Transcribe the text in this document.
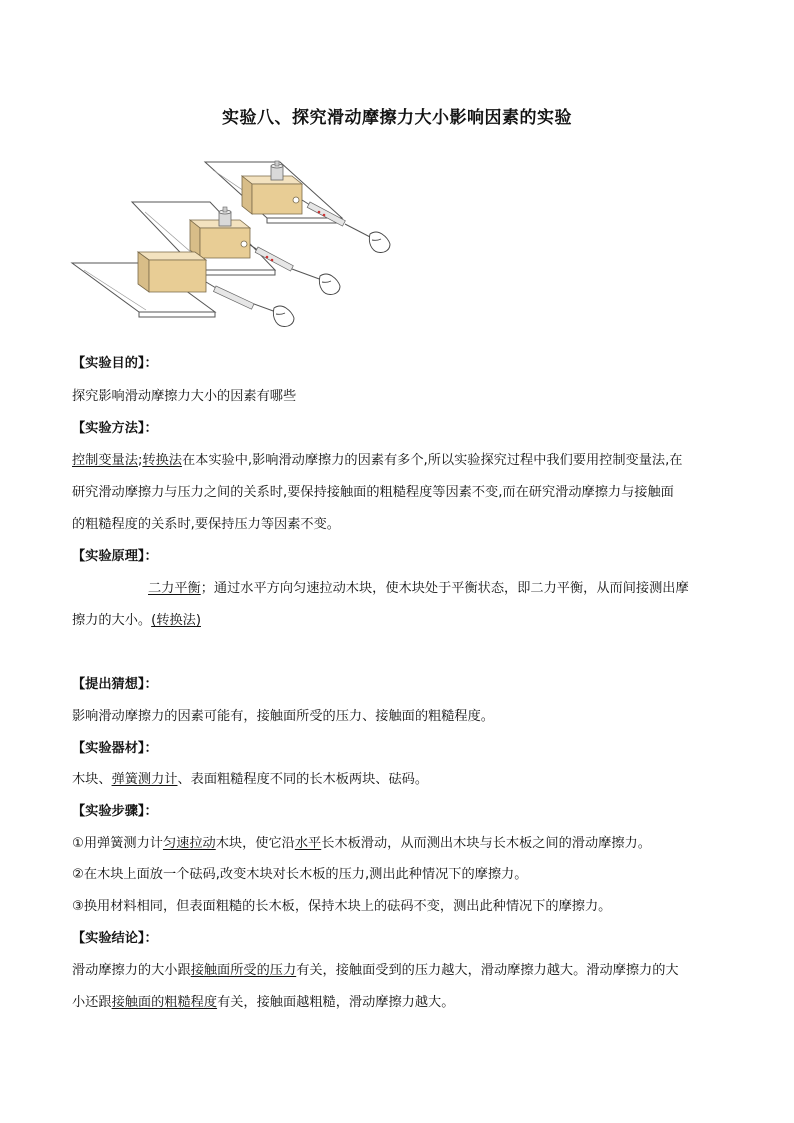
实验八、探究滑动摩擦力大小影响因素的实验
【实验目的】：
探究影响滑动摩擦力大小的因素有哪些
【实验方法】：
控制变量法;转换法在本实验中,影响滑动摩擦力的因素有多个,所以实验探究过程中我们要用控制变量法,在
研究滑动摩擦力与压力之间的关系时,要保持接触面的粗糙程度等因素不变,而在研究滑动摩擦力与接触面
的粗糙程度的关系时,要保持压力等因素不变。
【实验原理】：
二力平衡；通过水平方向匀速拉动木块，使木块处于平衡状态，即二力平衡，从而间接测出摩
擦力的大小。(转换法)
【提出猜想】：
影响滑动摩擦力的因素可能有，接触面所受的压力、接触面的粗糙程度。
【实验器材】：
木块、弹簧测力计、表面粗糙程度不同的长木板两块、砝码。
【实验步骤】：
①用弹簧测力计匀速拉动木块，使它沿水平长木板滑动，从而测出木块与长木板之间的滑动摩擦力。
②在木块上面放一个砝码,改变木块对长木板的压力,测出此种情况下的摩擦力。
③换用材料相同，但表面粗糙的长木板，保持木块上的砝码不变，测出此种情况下的摩擦力。
【实验结论】：
滑动摩擦力的大小跟接触面所受的压力有关，接触面受到的压力越大，滑动摩擦力越大。滑动摩擦力的大
小还跟接触面的粗糙程度有关，接触面越粗糙，滑动摩擦力越大。
